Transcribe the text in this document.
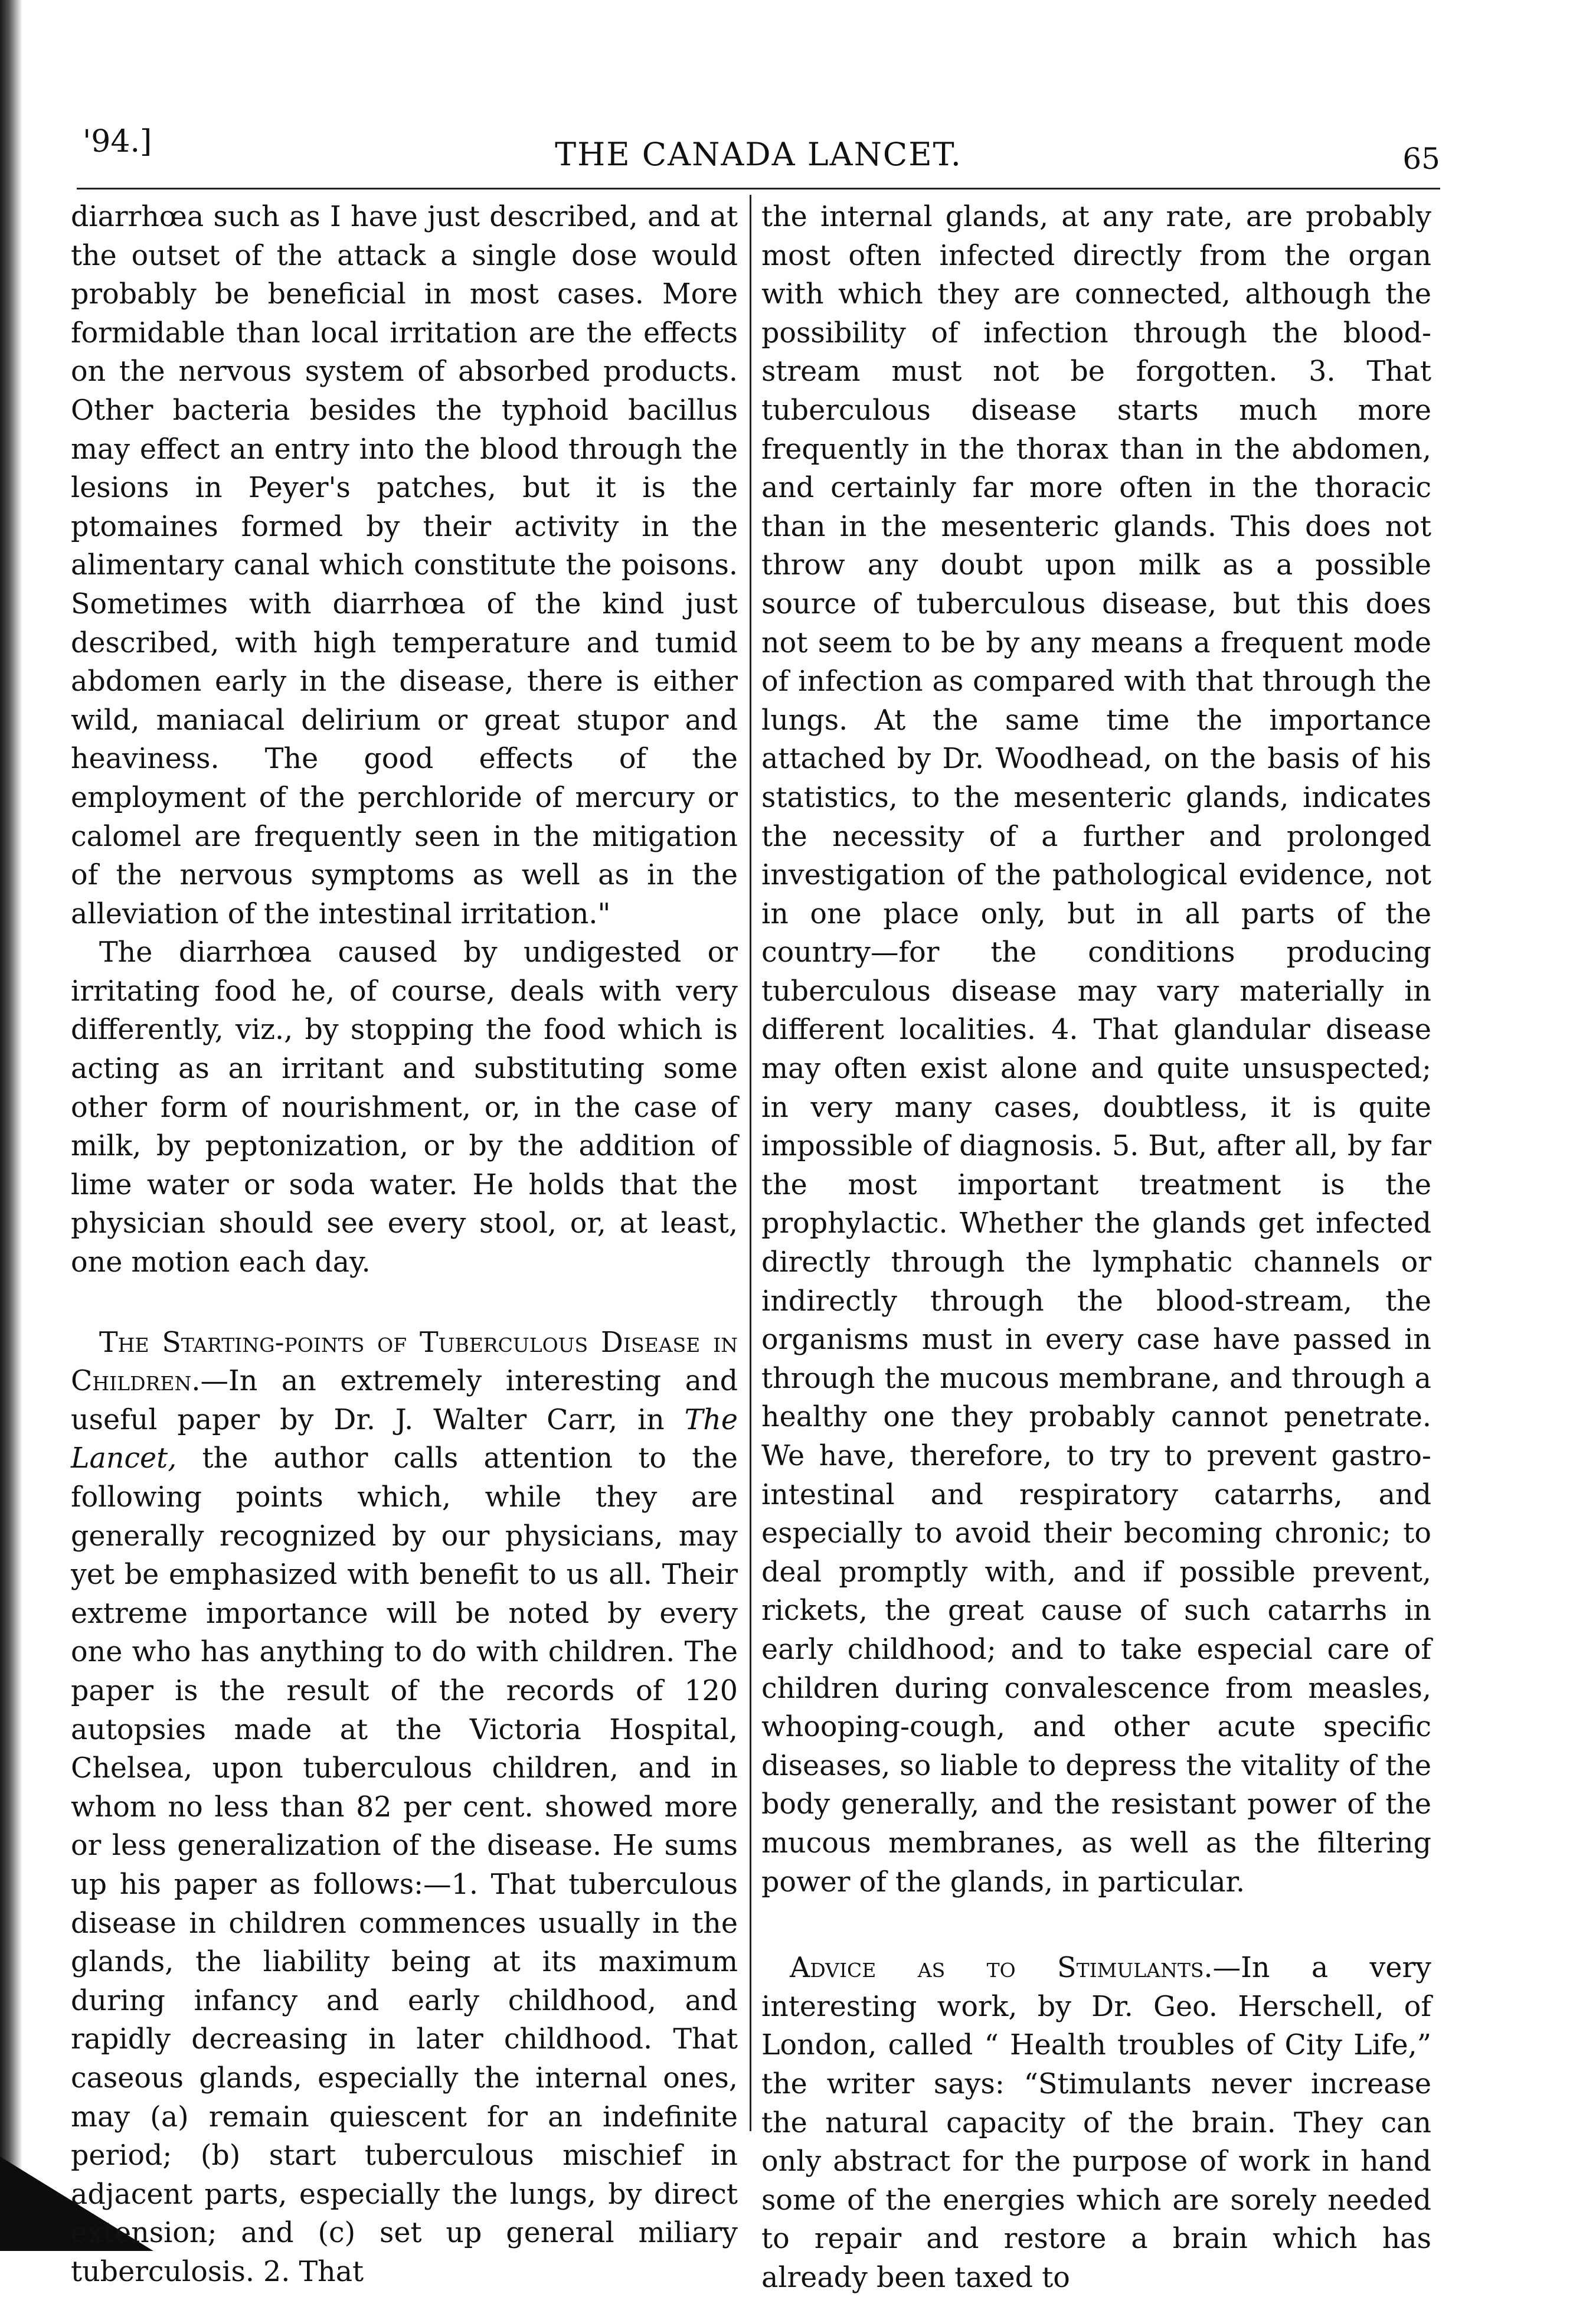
'94.]	THE CANADA LANCET.	65

diarrhœa such as I have just described, and at the outset of the attack a single dose would probably be beneficial in most cases. More formidable than local irritation are the effects on the nervous system of absorbed products. Other bacteria besides the typhoid bacillus may effect an entry into the blood through the lesions in Peyer's patches, but it is the ptomaines formed by their activity in the alimentary canal which constitute the poisons. Sometimes with diarrhœa of the kind just described, with high temperature and tumid abdomen early in the disease, there is either wild, maniacal delirium or great stupor and heaviness. The good effects of the employment of the perchloride of mercury or calomel are frequently seen in the mitigation of the nervous symptoms as well as in the alleviation of the intestinal irritation."

The diarrhœa caused by undigested or irritating food he, of course, deals with very differently, viz., by stopping the food which is acting as an irritant and substituting some other form of nourishment, or, in the case of milk, by peptonization, or by the addition of lime water or soda water. He holds that the physician should see every stool, or, at least, one motion each day.

The Starting-points of Tuberculous Disease in Children.—In an extremely interesting and useful paper by Dr. J. Walter Carr, in The Lancet, the author calls attention to the following points which, while they are generally recognized by our physicians, may yet be emphasized with benefit to us all. Their extreme importance will be noted by every one who has anything to do with children. The paper is the result of the records of 120 autopsies made at the Victoria Hospital, Chelsea, upon tuberculous children, and in whom no less than 82 per cent. showed more or less generalization of the disease. He sums up his paper as follows:—1. That tuberculous disease in children commences usually in the glands, the liability being at its maximum during infancy and early childhood, and rapidly decreasing in later childhood. That caseous glands, especially the internal ones, may (a) remain quiescent for an indefinite period; (b) start tuberculous mischief in adjacent parts, especially the lungs, by direct extension; and (c) set up general miliary tuberculosis. 2. That

the internal glands, at any rate, are probably most often infected directly from the organ with which they are connected, although the possibility of infection through the blood-stream must not be forgotten. 3. That tuberculous disease starts much more frequently in the thorax than in the abdomen, and certainly far more often in the thoracic than in the mesenteric glands. This does not throw any doubt upon milk as a possible source of tuberculous disease, but this does not seem to be by any means a frequent mode of infection as compared with that through the lungs. At the same time the importance attached by Dr. Woodhead, on the basis of his statistics, to the mesenteric glands, indicates the necessity of a further and prolonged investigation of the pathological evidence, not in one place only, but in all parts of the country—for the conditions producing tuberculous disease may vary materially in different localities. 4. That glandular disease may often exist alone and quite unsuspected; in very many cases, doubtless, it is quite impossible of diagnosis. 5. But, after all, by far the most important treatment is the prophylactic. Whether the glands get infected directly through the lymphatic channels or indirectly through the blood-stream, the organisms must in every case have passed in through the mucous membrane, and through a healthy one they probably cannot penetrate. We have, therefore, to try to prevent gastro-intestinal and respiratory catarrhs, and especially to avoid their becoming chronic; to deal promptly with, and if possible prevent, rickets, the great cause of such catarrhs in early childhood; and to take especial care of children during convalescence from measles, whooping-cough, and other acute specific diseases, so liable to depress the vitality of the body generally, and the resistant power of the mucous membranes, as well as the filtering power of the glands, in particular.

Advice as to Stimulants.—In a very interesting work, by Dr. Geo. Herschell, of London, called “ Health troubles of City Life,” the writer says: “Stimulants never increase the natural capacity of the brain. They can only abstract for the purpose of work in hand some of the energies which are sorely needed to repair and restore a brain which has already been taxed to
